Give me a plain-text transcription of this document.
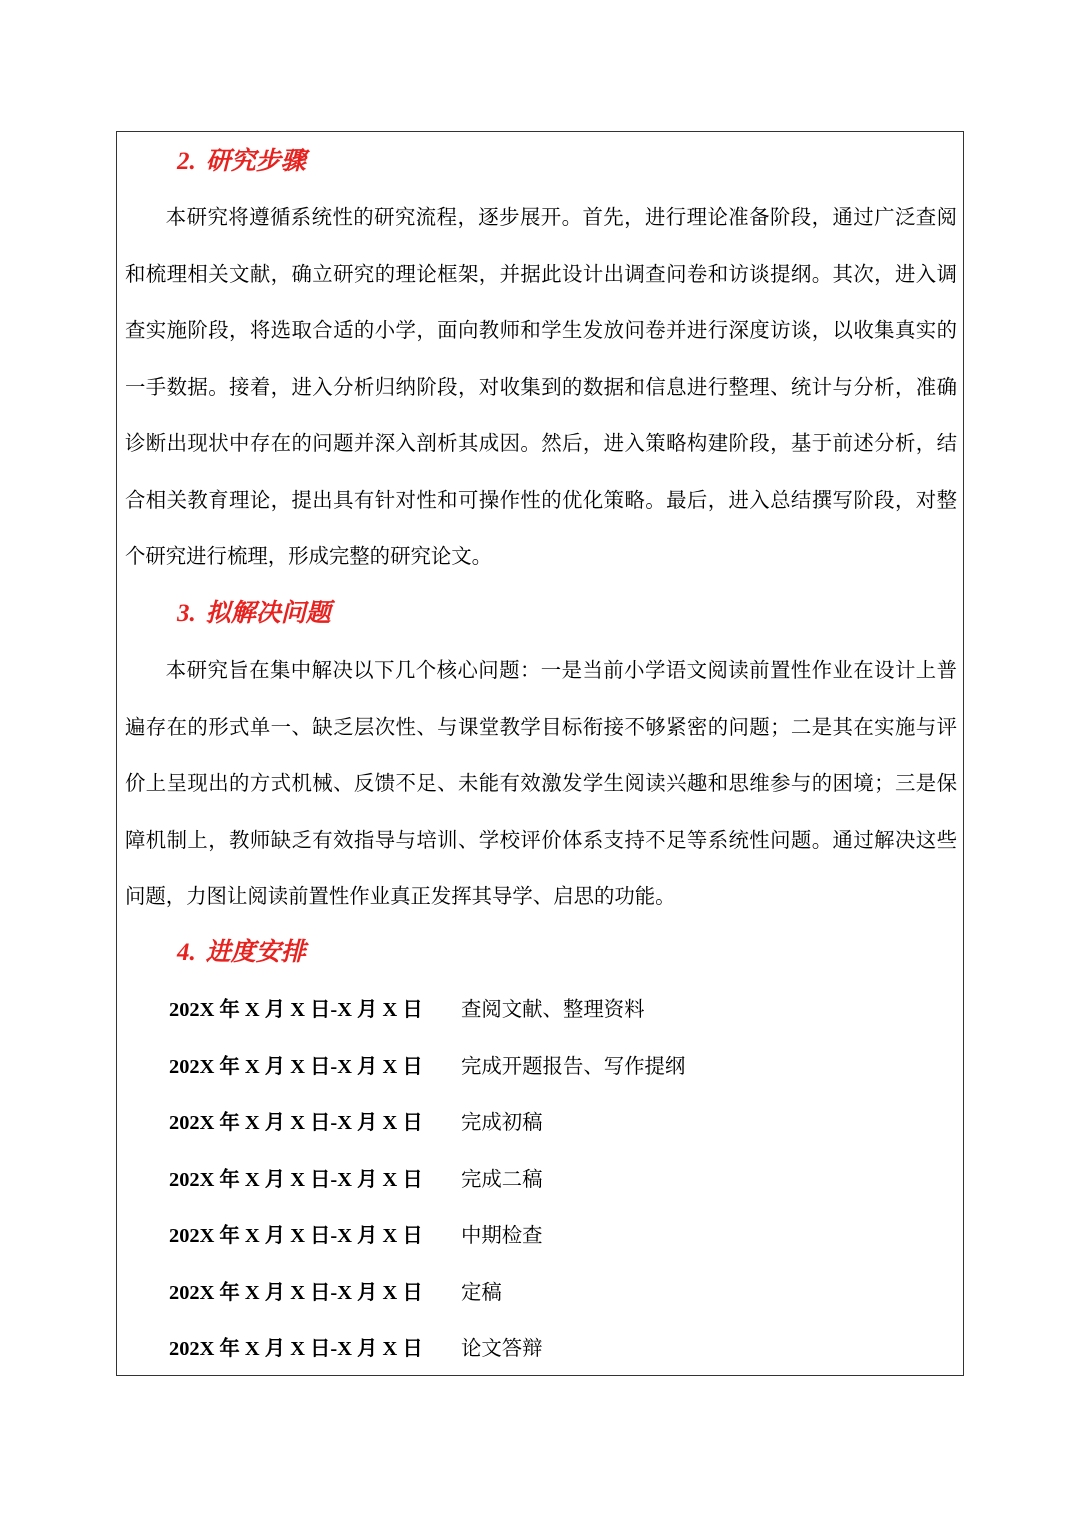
2. 研究步骤

本研究将遵循系统性的研究流程，逐步展开。首先，进行理论准备阶段，通过广泛查阅和梳理相关文献，确立研究的理论框架，并据此设计出调查问卷和访谈提纲。其次，进入调查实施阶段，将选取合适的小学，面向教师和学生发放问卷并进行深度访谈，以收集真实的一手数据。接着，进入分析归纳阶段，对收集到的数据和信息进行整理、统计与分析，准确诊断出现状中存在的问题并深入剖析其成因。然后，进入策略构建阶段，基于前述分析，结合相关教育理论，提出具有针对性和可操作性的优化策略。最后，进入总结撰写阶段，对整个研究进行梳理，形成完整的研究论文。

3. 拟解决问题

本研究旨在集中解决以下几个核心问题：一是当前小学语文阅读前置性作业在设计上普遍存在的形式单一、缺乏层次性、与课堂教学目标衔接不够紧密的问题；二是其在实施与评价上呈现出的方式机械、反馈不足、未能有效激发学生阅读兴趣和思维参与的困境；三是保障机制上，教师缺乏有效指导与培训、学校评价体系支持不足等系统性问题。通过解决这些问题，力图让阅读前置性作业真正发挥其导学、启思的功能。

4. 进度安排
202X 年 X 月 X 日-X 月 X 日 查阅文献、整理资料
202X 年 X 月 X 日-X 月 X 日 完成开题报告、写作提纲
202X 年 X 月 X 日-X 月 X 日 完成初稿
202X 年 X 月 X 日-X 月 X 日 完成二稿
202X 年 X 月 X 日-X 月 X 日 中期检查
202X 年 X 月 X 日-X 月 X 日 定稿
202X 年 X 月 X 日-X 月 X 日 论文答辩
